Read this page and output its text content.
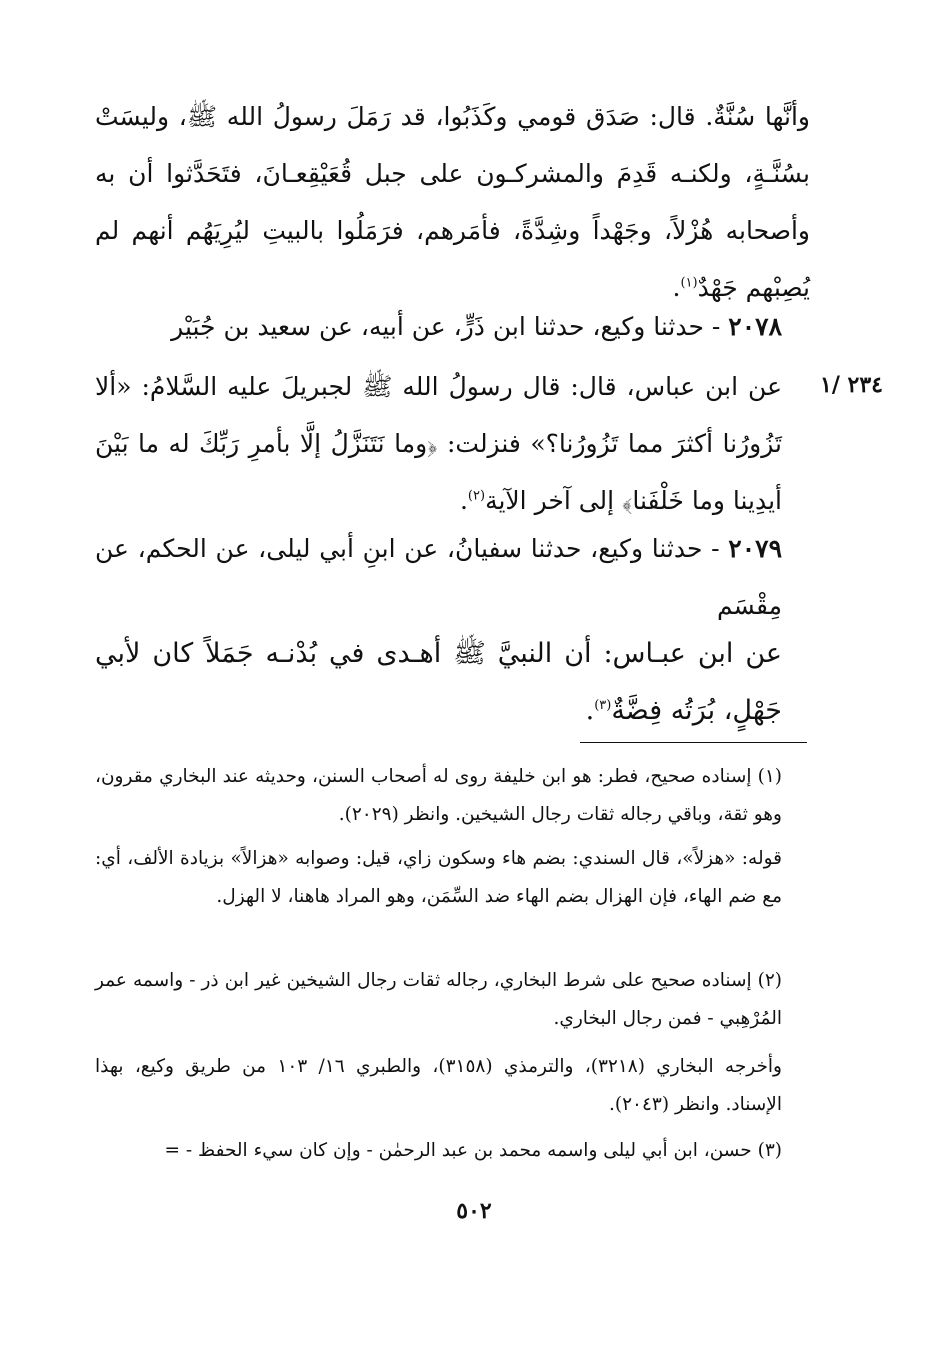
وأنَّها سُنَّةٌ. قال: صَدَق قومي وكَذَبُوا، قد رَمَلَ رسولُ الله ﷺ، وليسَتْ بسُنَّـةٍ، ولكنـه قَدِمَ والمشركـون على جبل قُعَيْقِعـانَ، فتَحَدَّثوا أن به وأصحابه هُزْلاً، وجَهْداً وشِدَّةً، فأمَرهم، فرَمَلُوا بالبيتِ ليُرِيَهُم أنهم لم يُصِبْهم جَهْدٌ$^{(١)}$.

٢٠٧٨ - حدثنا وكيع، حدثنا ابن ذَرٍّ، عن أبيه، عن سعيد بن جُبَيْر

١/ ٢٣٤

عن ابن عباس، قال: قال رسولُ الله ﷺ لجبريلَ عليه السَّلامُ: «ألا تَزُورُنا أكثرَ مما تَزُورُنا؟» فنزلت: ﴿وما نَتَنَزَّلُ إلَّا بأمرِ رَبِّكَ له ما بَيْنَ أيدِينا وما خَلْفَنا﴾ إلى آخر الآية$^{(٢)}$.

٢٠٧٩ - حدثنا وكيع، حدثنا سفيانُ، عن ابنِ أبي ليلى، عن الحكم، عن مِقْسَم

عن ابن عبـاس: أن النبيَّ ﷺ أهـدى في بُدْنـه جَمَلاً كان لأبي جَهْلٍ، بُرَتُه فِضَّةٌ$^{(٣)}$.

(١) إسناده صحيح، فطر: هو ابن خليفة روى له أصحاب السنن، وحديثه عند البخاري مقرون، وهو ثقة، وباقي رجاله ثقات رجال الشيخين. وانظر (٢٠٢٩).

قوله: «هزلاً»، قال السندي: بضم هاء وسكون زاي، قيل: وصوابه «هزالاً» بزيادة الألف، أي: مع ضم الهاء، فإن الهزال بضم الهاء ضد السِّمَن، وهو المراد هاهنا، لا الهزل.

(٢) إسناده صحيح على شرط البخاري، رجاله ثقات رجال الشيخين غير ابن ذر - واسمه عمر المُرْهِبي - فمن رجال البخاري.

وأخرجه البخاري (٣٢١٨)، والترمذي (٣١٥٨)، والطبري ١٦/ ١٠٣ من طريق وكيع، بهذا الإسناد. وانظر (٢٠٤٣).

(٣) حسن، ابن أبي ليلى واسمه محمد بن عبد الرحمٰن - وإن كان سيء الحفظ - =

٥٠٢
